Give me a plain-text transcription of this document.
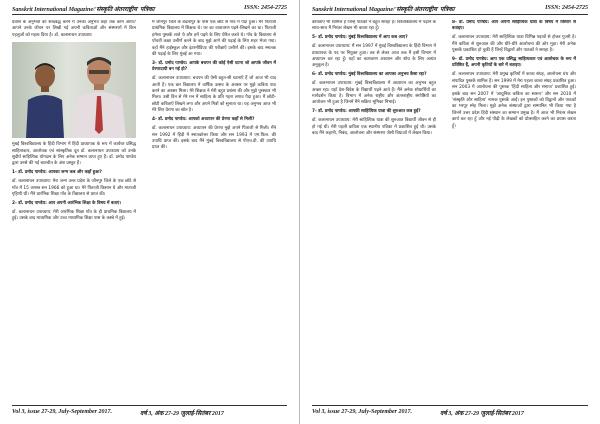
Sanskrit International Magazine/'संस्कृति अंतरराष्ट्रीय' पत्रिका	ISSN: 2454-2725

प्रवास के अनुभवों को शब्दबद्ध करने में उनका अनुभव कहाँ तक काम आया? आपने उनके जीवन पर लिखी गई अपनी कविताओं और संस्मरणों में किन पहलुओं को महत्व दिया है। डॉ. कलानाथन उपाध्याय

मुंबई विश्वविद्यालय के हिंदी विभाग में हिंदी प्राध्यापक के रूप में कार्यरत प्रसिद्ध साहित्यकार, आलोचक एवं सांस्कृतिक दूत डॉ. कलानाथन उपाध्याय को उनके सुदीर्घ साहित्यिक योगदान के लिए अनेक सम्मान प्राप्त हुए हैं। डॉ. प्रमोद पाण्डेय द्वारा उनसे की गई बातचीत के अंश प्रस्तुत हैं।

1- डॉ. प्रमोद पाण्डेय: आपका जन्म कब और कहाँ हुआ?

डॉ. कलानाथन उपाध्याय: मेरा जन्म उत्तर प्रदेश के जौनपुर जिले के एक छोटे से गाँव में 15 अगस्त सन 1966 को हुआ था। मेरे पिताजी किसान थे और माताजी गृहिणी थीं। मैंने प्रारंभिक शिक्षा गाँव के विद्यालय से प्राप्त की।

2- डॉ. प्रमोद पाण्डेय: आप अपनी आरंभिक शिक्षा के विषय में बताएं।

डॉ. कलानाथन उपाध्याय: मेरी आरंभिक शिक्षा गाँव के ही प्राथमिक विद्यालय में हुई। उसके बाद माध्यमिक और उच्च माध्यमिक शिक्षा पास के कस्बे में हुई।

मैं जौनपुर जिले के बदलापुर के पास एक छोटे से गाँव में पैदा हुआ। मेरे पिताजी प्राथमिक विद्यालय में शिक्षक थे। घर का वातावरण पढ़ने-लिखने का था। पिताजी हमेशा पुस्तकें लाते थे और हमें पढ़ने के लिए प्रेरित करते थे। गाँव के विद्यालय से पाँचवीं कक्षा उत्तीर्ण करने के बाद मुझे आगे की पढ़ाई के लिए शहर भेजा गया। वहाँ मैंने हाईस्कूल और इंटरमीडिएट की परीक्षाएँ उत्तीर्ण कीं। इसके बाद स्नातक की पढ़ाई के लिए मुंबई आ गया।

3- डॉ. प्रमोद पाण्डेय: आपके बचपन की कोई ऐसी घटना जो आपके जीवन में प्रेरणादायी बन गई हो?

डॉ. कलानाथन उपाध्याय: बचपन की ऐसी बहुत-सी घटनाएँ हैं जो आज भी याद आती हैं। एक बार विद्यालय में वार्षिक उत्सव के अवसर पर मुझे कविता पाठ करने का अवसर मिला। मेरे शिक्षक ने मेरी बहुत प्रशंसा की और मुझे पुरस्कार भी मिला। उसी दिन से मेरे मन में साहित्य के प्रति गहरा लगाव पैदा हुआ। मैं छोटी-छोटी कविताएँ लिखने लगा और अपने मित्रों को सुनाता था। यह अनुभव आज भी मेरे लिए प्रेरणा का स्रोत है।

4- डॉ. प्रमोद पाण्डेय: आपको अध्यापन की प्रेरणा कहाँ से मिली?

डॉ. कलानाथन उपाध्याय: अध्यापन की प्रेरणा मुझे अपने पिताजी से मिली। मैंने सन 1992 में हिंदी में स्नातकोत्तर किया और सन 1993 में एम.फिल. की उपाधि प्राप्त की। इसके बाद मैंने मुंबई विश्वविद्यालय से पीएच.डी. की उपाधि प्राप्त की।

Vol 3, issue 27-29, July-September 2017.	वर्ष 3, अंक 27-29 जुलाई-सितंबर 2017
Sanskrit International Magazine/'संस्कृति अंतरराष्ट्रीय' पत्रिका	ISSN: 2454-2725

कविताएँ भी शामिल हैं जिन्हें पाठकों ने बहुत सराहा है। विश्वविद्यालय में पढ़ाने के साथ-साथ मैं निरंतर लेखन भी करता रहा हूँ।

5- डॉ. प्रमोद पाण्डेय: मुंबई विश्वविद्यालय में आप कब आए?

डॉ. कलानाथन उपाध्याय: मैं सन 1997 में मुंबई विश्वविद्यालय के हिंदी विभाग में प्राध्यापक के पद पर नियुक्त हुआ। तब से लेकर आज तक मैं इसी विभाग में अध्यापन कर रहा हूँ। यहाँ का वातावरण अध्ययन और शोध के लिए अत्यंत अनुकूल है।

6- डॉ. प्रमोद पाण्डेय: मुंबई विश्वविद्यालय का आपका अनुभव कैसा रहा?

डॉ. कलानाथन उपाध्याय: मुंबई विश्वविद्यालय में अध्यापन का अनुभव बहुत अच्छा रहा। यहाँ देश-विदेश के विद्यार्थी पढ़ने आते हैं। मैंने अनेक शोधार्थियों का मार्गदर्शन किया है। विभाग में अनेक राष्ट्रीय और अंतरराष्ट्रीय संगोष्ठियों का आयोजन भी हुआ है जिनमें मैंने सक्रिय भूमिका निभाई।

7- डॉ. प्रमोद पाण्डेय: आपकी साहित्यिक यात्रा की शुरुआत कब हुई?

डॉ. कलानाथन उपाध्याय: मेरी साहित्यिक यात्रा की शुरुआत विद्यार्थी जीवन से ही हो गई थी। मेरी पहली कविता एक स्थानीय पत्रिका में प्रकाशित हुई थी। उसके बाद मैंने कहानी, निबंध, आलोचना और संस्मरण जैसी विधाओं में लेखन किया।

8- डॉ. प्रमोद पाण्डेय: आप अपनी साहित्यिक यात्रा के विषय में विस्तार से बताइए।

डॉ. कलानाथन उपाध्याय: मेरी साहित्यिक यात्रा विभिन्न पड़ावों से होकर गुजरी है। मैंने कविता से शुरुआत की और धीरे-धीरे आलोचना की ओर मुड़ा। मेरी अनेक पुस्तकें प्रकाशित हो चुकी हैं जिन्हें विद्वानों और पाठकों ने सराहा है।

9- डॉ. प्रमोद पाण्डेय: आप एक प्रसिद्ध साहित्यकार एवं आलोचक के रूप में प्रतिष्ठित हैं, अपनी कृतियों के बारे में बताइए।

डॉ. कलानाथन उपाध्याय: मेरी प्रमुख कृतियों में काव्य संग्रह, आलोचना ग्रंथ और संपादित पुस्तकें शामिल हैं। सन 1999 में मेरा पहला काव्य संग्रह प्रकाशित हुआ। सन 2003 में आलोचना की पुस्तक 'हिंदी साहित्य और समाज' प्रकाशित हुई। इसके बाद सन 2007 में 'आधुनिक कविता का स्वरूप' और सन 2010 में 'संस्कृति और साहित्य' नामक पुस्तकें आईं। इन पुस्तकों को विद्वानों और पाठकों का भरपूर स्नेह मिला। मुझे अनेक संस्थाओं द्वारा सम्मानित भी किया गया है जिनमें उत्तर प्रदेश हिंदी संस्थान का सम्मान प्रमुख है। मैं आज भी निरंतर लेखन कार्य कर रहा हूँ और नई पीढ़ी के लेखकों को प्रोत्साहित करने का प्रयास करता हूँ।

Vol 3, issue 27-29, July-September 2017.	वर्ष 3, अंक 27-29 जुलाई-सितंबर 2017
